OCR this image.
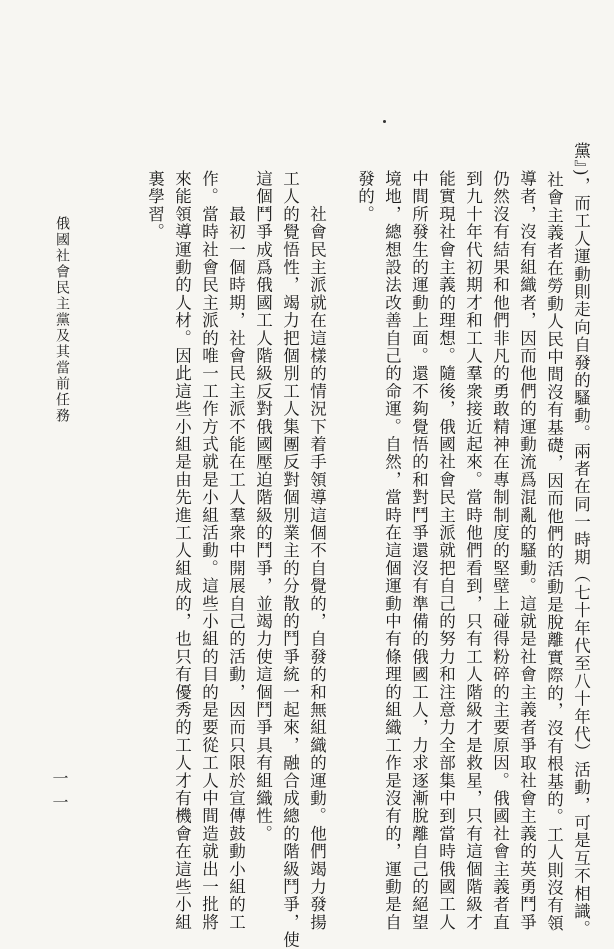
黨』)，而工人運動則走向自發的騷動。兩者在同一時期（七十年代至八十年代）活動，可是互不相識。
社會主義者在勞動人民中間沒有基礎，因而他們的活動是脫離實際的，沒有根基的。工人則沒有領
導者，沒有組織者，因而他們的運動流爲混亂的騷動。這就是社會主義者爭取社會主義的英勇鬥爭
仍然沒有結果和他們非凡的勇敢精神在專制制度的堅壁上碰得粉碎的主要原因。俄國社會主義者直
到九十年代初期才和工人羣衆接近起來。當時他們看到，只有工人階級才是救星，只有這個階級才
能實現社會主義的理想。隨後，俄國社會民主派就把自己的努力和注意力全部集中到當時俄國工人
中間所發生的運動上面。還不夠覺悟的和對鬥爭還沒有準備的俄國工人，力求逐漸脫離自己的絕望
境地，總想設法改善自己的命運。自然，當時在這個運動中有條理的組織工作是沒有的，運動是自
發的。
　　社會民主派就在這樣的情況下着手領導這個不自覺的，自發的和無組織的運動。他們竭力發揚
工人的覺悟性，竭力把個別工人集團反對個別業主的分散的鬥爭統一起來，融合成總的階級鬥爭，使
這個鬥爭成爲俄國工人階級反對俄國壓迫階級的鬥爭，並竭力使這個鬥爭具有組織性。
　　最初一個時期，社會民主派不能在工人羣衆中開展自己的活動，因而只限於宣傳鼓動小組的工
作。當時社會民主派的唯一工作方式就是小組活動。這些小組的目的是要從工人中間造就出一批將
來能領導運動的人材。因此這些小組是由先進工人組成的，也只有優秀的工人才有機會在這些小組
裏學習。
俄國社會民主黨及其當前任務
一一
